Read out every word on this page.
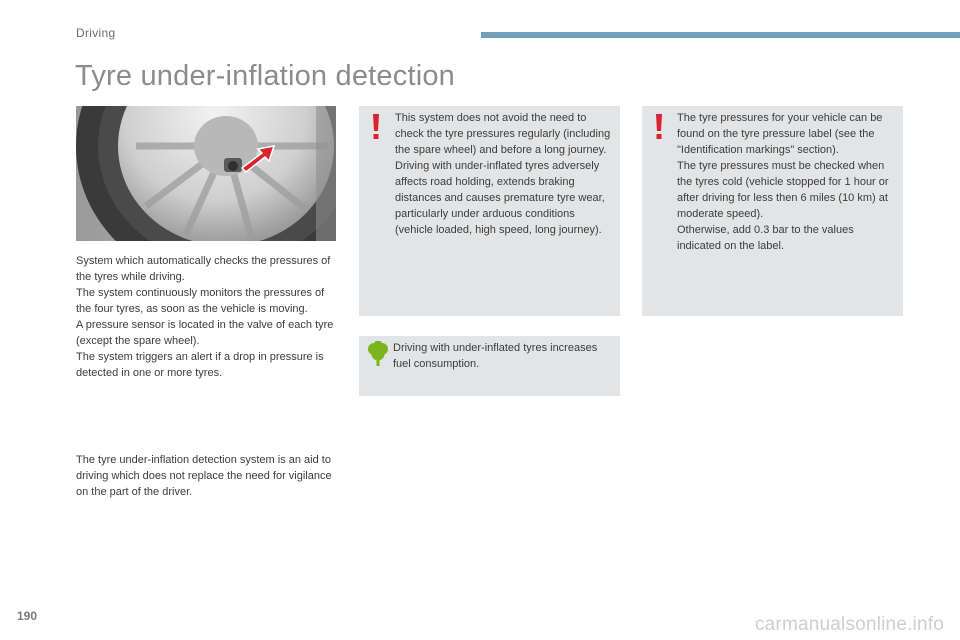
Driving
Tyre under-inflation detection

System which automatically checks the pressures of the tyres while driving.

The system continuously monitors the pressures of the four tyres, as soon as the vehicle is moving.

A pressure sensor is located in the valve of each tyre (except the spare wheel).

The system triggers an alert if a drop in pressure is detected in one or more tyres.

The tyre under-inflation detection system is an aid to driving which does not replace the need for vigilance on the part of the driver.

This system does not avoid the need to check the tyre pressures regularly (including the spare wheel) and before a long journey.

Driving with under-inflated tyres adversely affects road holding, extends braking distances and causes premature tyre wear, particularly under arduous conditions (vehicle loaded, high speed, long journey).

Driving with under-inflated tyres increases fuel consumption.

The tyre pressures for your vehicle can be found on the tyre pressure label (see the "Identification markings" section).

The tyre pressures must be checked when the tyres cold (vehicle stopped for 1 hour or after driving for less then 6 miles (10 km) at moderate speed).

Otherwise, add 0.3 bar to the values indicated on the label.

190	carmanualsonline.info
